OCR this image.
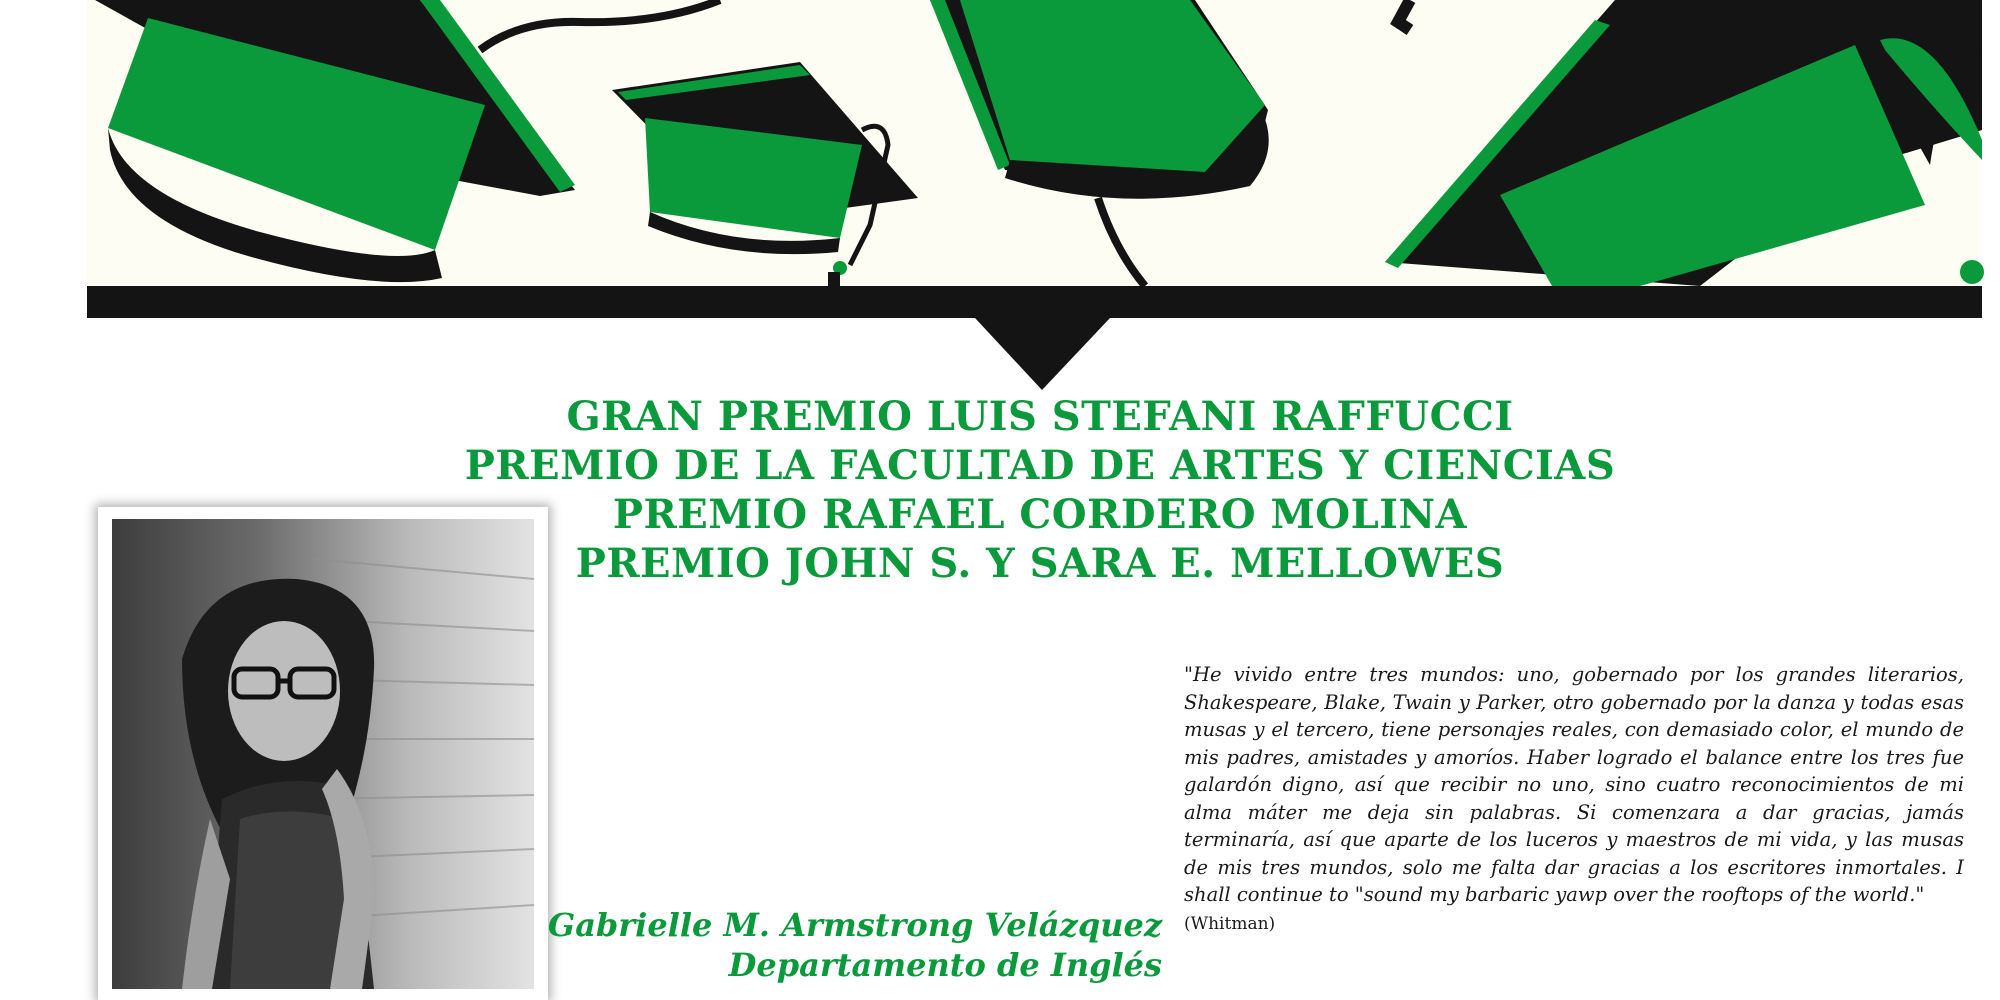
GRAN PREMIO LUIS STEFANI RAFFUCCI
PREMIO DE LA FACULTAD DE ARTES Y CIENCIAS
PREMIO RAFAEL CORDERO MOLINA
PREMIO JOHN S. Y SARA E. MELLOWES
Gabrielle M. Armstrong Velázquez
Departamento de Inglés
"He vivido entre tres mundos: uno, gobernado por los grandes literarios, Shakespeare, Blake, Twain y Parker, otro gobernado por la danza y todas esas musas y el tercero, tiene personajes reales, con demasiado color, el mundo de mis padres, amistades y amoríos. Haber logrado el balance entre los tres fue galardón digno, así que recibir no uno, sino cuatro reconocimientos de mi alma máter me deja sin palabras. Si comenzara a dar gracias, jamás terminaría, así que aparte de los luceros y maestros de mi vida, y las musas de mis tres mundos, solo me falta dar gracias a los escritores inmortales. I shall continue to "sound my barbaric yawp over the rooftops of the world."
(Whitman)
